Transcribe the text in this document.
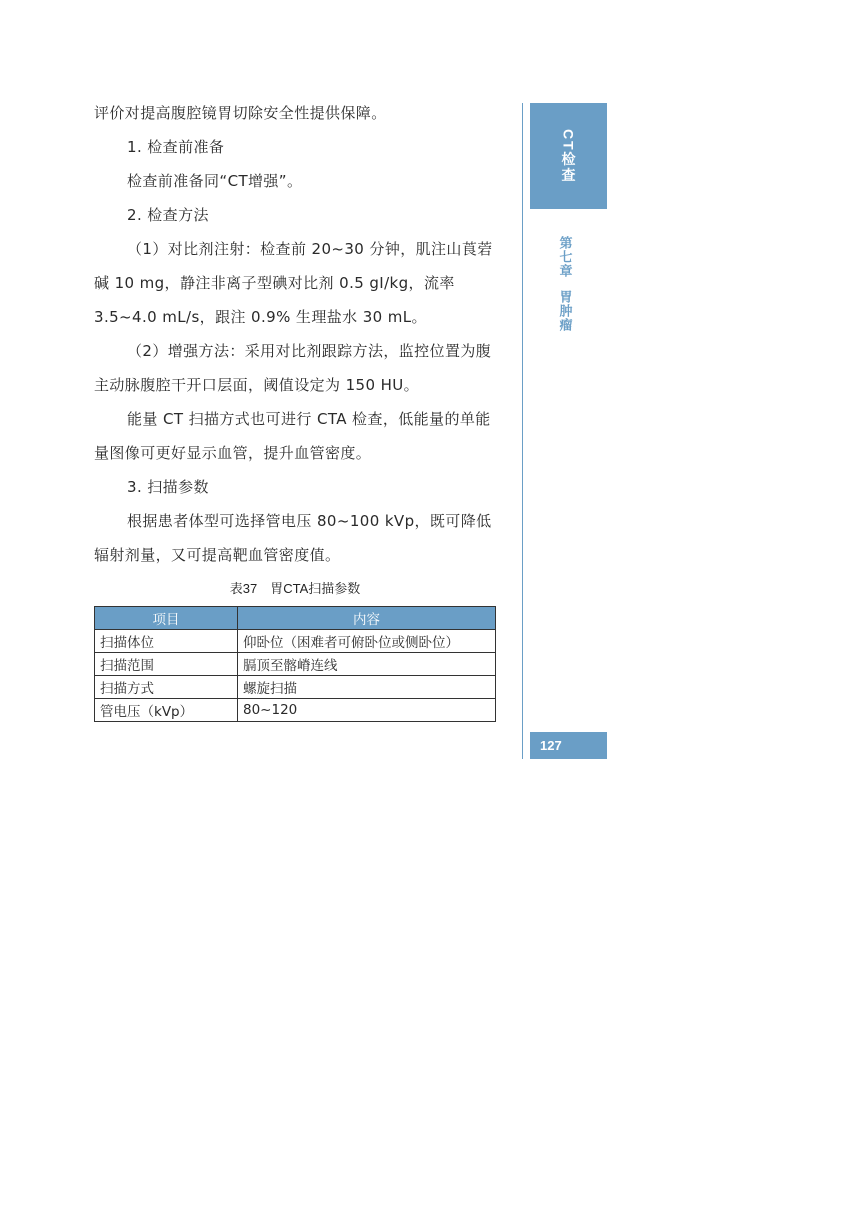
评价对提高腹腔镜胃切除安全性提供保障。

1. 检查前准备

检查前准备同“CT增强”。

2. 检查方法

（1）对比剂注射：检查前 20~30 分钟，肌注山莨菪碱 10 mg，静注非离子型碘对比剂 0.5 gI/kg，流率 3.5~4.0 mL/s，跟注 0.9% 生理盐水 30 mL。

（2）增强方法：采用对比剂跟踪方法，监控位置为腹主动脉腹腔干开口层面，阈值设定为 150 HU。

能量 CT 扫描方式也可进行 CTA 检查，低能量的单能量图像可更好显示血管，提升血管密度。

3. 扫描参数

根据患者体型可选择管电压 80~100 kVp，既可降低辐射剂量，又可提高靶血管密度值。

表37　胃CTA扫描参数
项目	内容
扫描体位	仰卧位（困难者可俯卧位或侧卧位）
扫描范围	膈顶至髂嵴连线
扫描方式	螺旋扫描
管电压（kVp）	80~120
CT检查
第七章
胃肿瘤
127
